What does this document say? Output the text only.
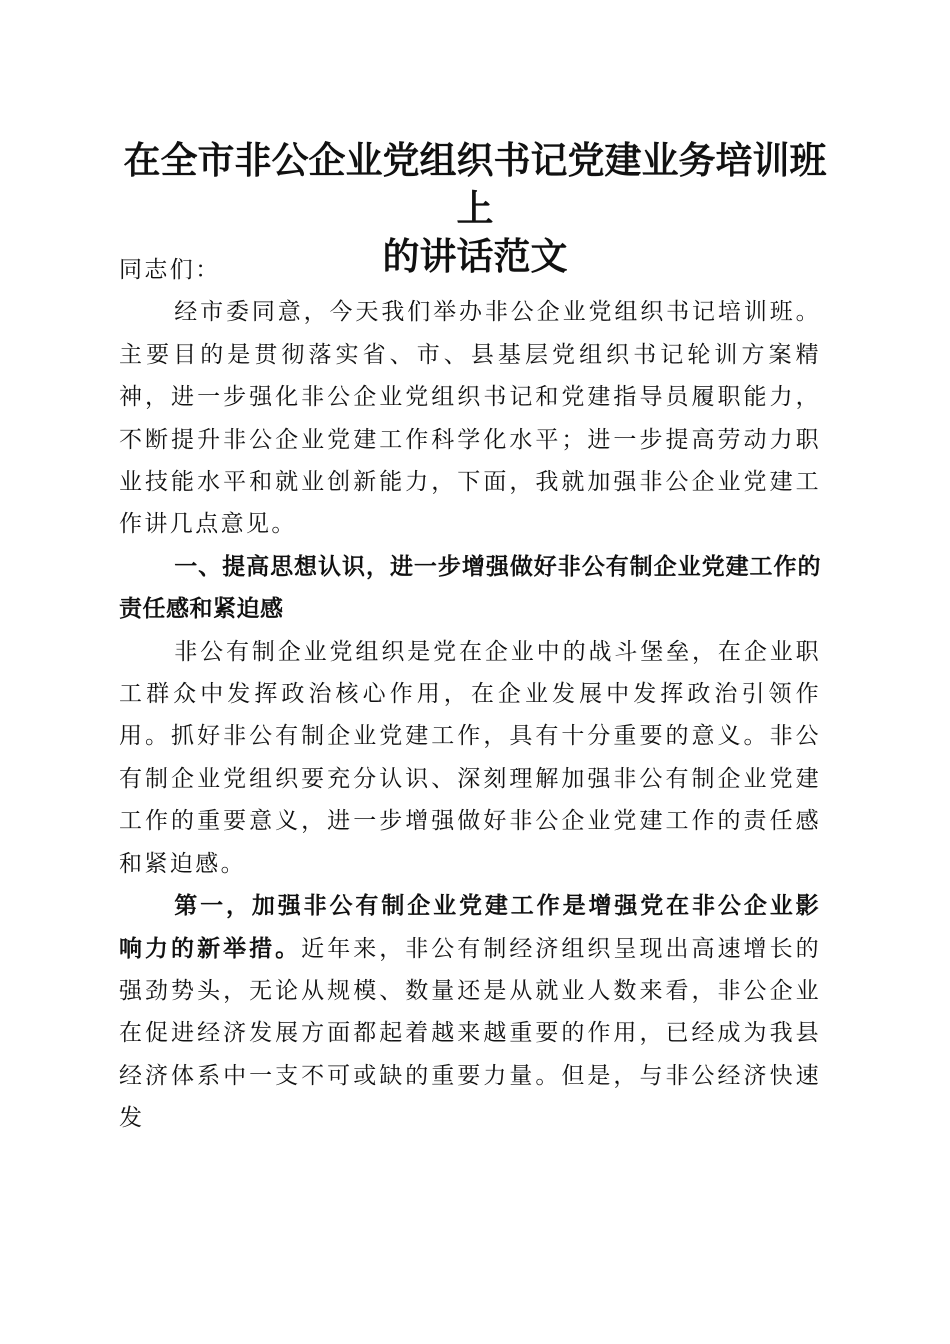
在全市非公企业党组织书记党建业务培训班上
的讲话范文

同志们：

经市委同意，今天我们举办非公企业党组织书记培训班。主要目的是贯彻落实省、市、县基层党组织书记轮训方案精神，进一步强化非公企业党组织书记和党建指导员履职能力，不断提升非公企业党建工作科学化水平；进一步提高劳动力职业技能水平和就业创新能力，下面，我就加强非公企业党建工作讲几点意见。

一、提高思想认识，进一步增强做好非公有制企业党建工作的责任感和紧迫感

非公有制企业党组织是党在企业中的战斗堡垒，在企业职工群众中发挥政治核心作用，在企业发展中发挥政治引领作用。抓好非公有制企业党建工作，具有十分重要的意义。非公有制企业党组织要充分认识、深刻理解加强非公有制企业党建工作的重要意义，进一步增强做好非公企业党建工作的责任感和紧迫感。

第一，加强非公有制企业党建工作是增强党在非公企业影响力的新举措。近年来，非公有制经济组织呈现出高速增长的强劲势头，无论从规模、数量还是从就业人数来看，非公企业在促进经济发展方面都起着越来越重要的作用，已经成为我县经济体系中一支不可或缺的重要力量。但是，与非公经济快速发
